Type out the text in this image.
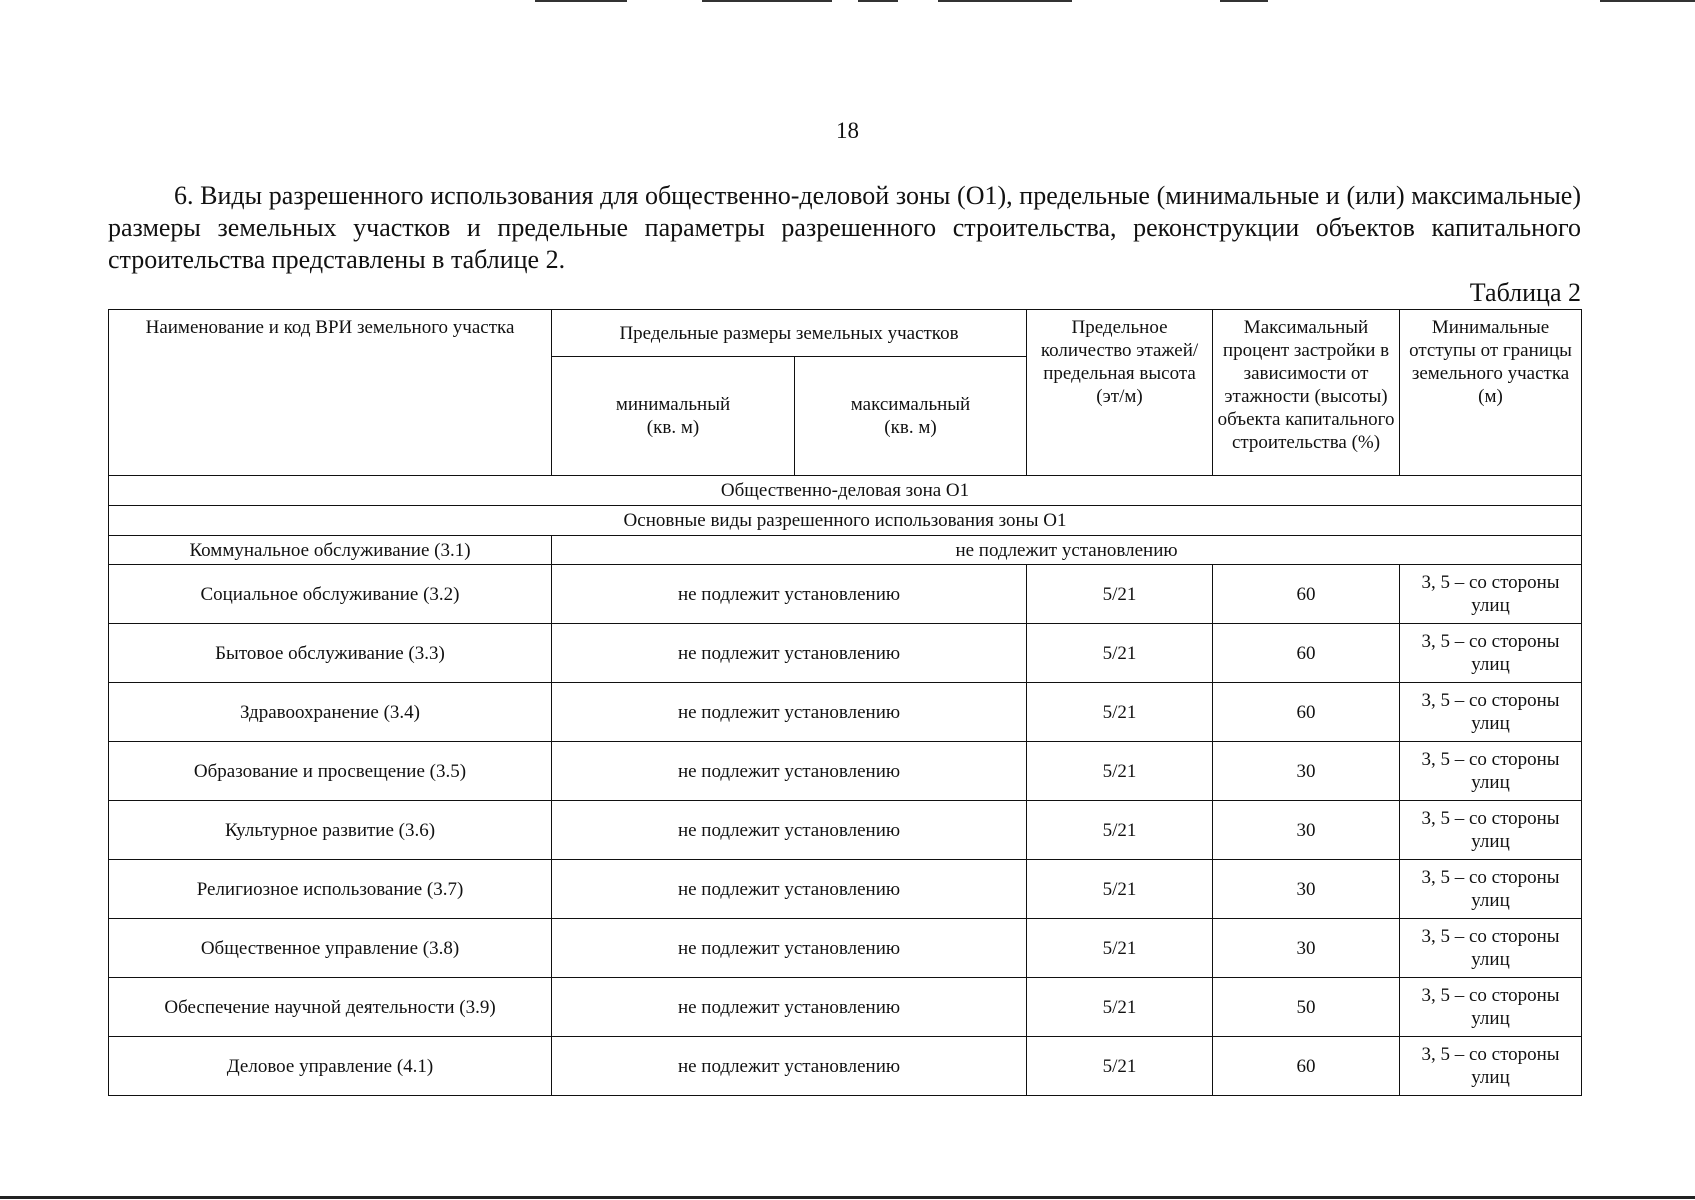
18

6. Виды разрешенного использования для общественно-деловой зоны (О1), предельные (минимальные и (или) максимальные) размеры земельных участков и предельные параметры разрешенного строительства, реконструкции объектов капитального строительства представлены в таблице 2.

Таблица 2
Наименование и код ВРИ земельного участка	Предельные размеры земельных участков		Предельное количество этажей/ предельная высота (эт/м)	Максимальный процент застройки в зависимости от этажности (высоты) объекта капитального строительства (%)	Минимальные отступы от границы земельного участка (м)
	минимальный (кв. м)	максимальный (кв. м)			
Общественно-деловая зона О1					
Основные виды разрешенного использования зоны О1					
Коммунальное обслуживание (3.1)	не подлежит установлению				
Социальное обслуживание (3.2)	не подлежит установлению		5/21	60	3, 5 – со стороны улиц
Бытовое обслуживание (3.3)	не подлежит установлению		5/21	60	3, 5 – со стороны улиц
Здравоохранение (3.4)	не подлежит установлению		5/21	60	3, 5 – со стороны улиц
Образование и просвещение (3.5)	не подлежит установлению		5/21	30	3, 5 – со стороны улиц
Культурное развитие (3.6)	не подлежит установлению		5/21	30	3, 5 – со стороны улиц
Религиозное использование (3.7)	не подлежит установлению		5/21	30	3, 5 – со стороны улиц
Общественное управление (3.8)	не подлежит установлению		5/21	30	3, 5 – со стороны улиц
Обеспечение научной деятельности (3.9)	не подлежит установлению		5/21	50	3, 5 – со стороны улиц
Деловое управление (4.1)	не подлежит установлению		5/21	60	3, 5 – со стороны улиц
